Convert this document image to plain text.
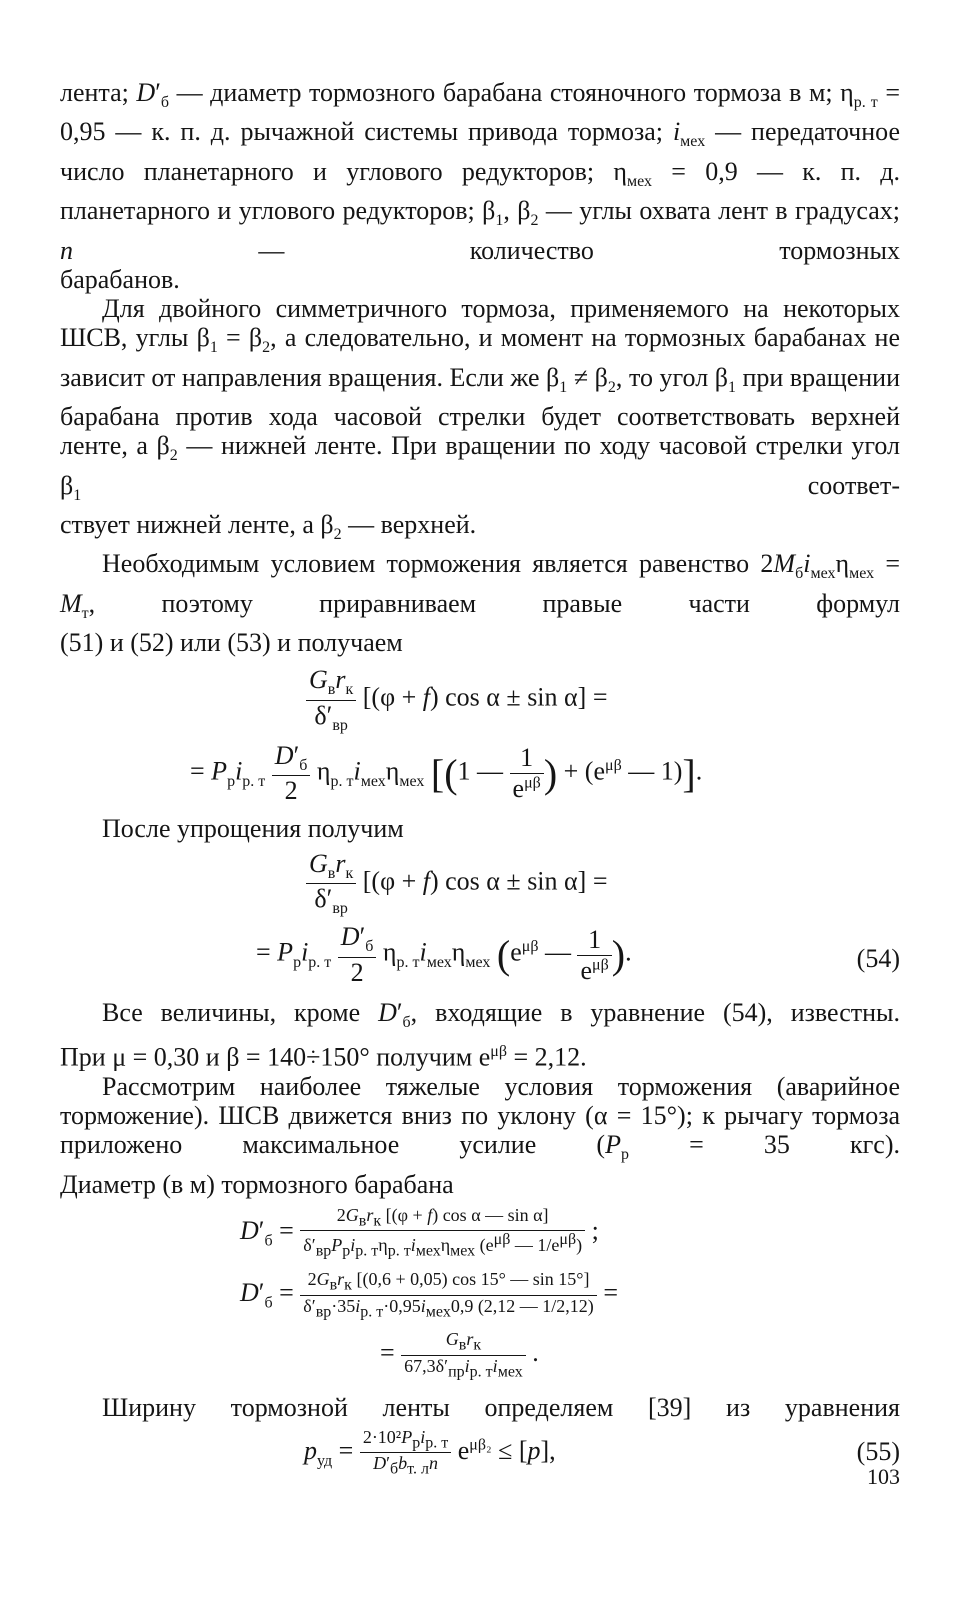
лента; $D'_б$ — диаметр тормозного барабана стояночного тормоза в м; $\eta_{р. т} = 0,95$ — к. п. д. рычажной системы привода тормоза; $i_{мех}$ — передаточное число планетарного и углового редукторов; $\eta_{мех} = 0,9$ — к. п. д. планетарного и углового редукторов; $\beta_1$, $\beta_2$ — углы охвата лент в градусах; n — количество тормозных

барабанов.

Для двойного симметричного тормоза, применяемого на некоторых ШСВ, углы $\beta_1 = \beta_2$, а следовательно, и момент на тормозных барабанах не зависит от направления вращения. Если же $\beta_1 \ne \beta_2$, то угол $\beta_1$ при вращении барабана против хода часовой стрелки будет соответствовать верхней ленте, а $\beta_2$ — нижней ленте. При вращении по ходу часовой стрелки угол $\beta_1$ соответ-

ствует нижней ленте, а $\beta_2$ — верхней.

Необходимым условием торможения является равенство $2M_бi_{мех}\eta_{мех} = M_т$, поэтому приравниваем правые части формул

(51) и (52) или (53) и получаем

$\frac{G_вr_к}{\delta'_{вр}} [(\varphi + f)$ cos α ± sin α] =
= $P_рi_{р. т} \frac{D'_б}{2} \eta_{р. т}i_{мех}\eta_{мех}$ [(1 — $\frac{1}{e^{\mu\beta}}$ ) + ($e^{\mu\beta}$ — 1)].

После упрощения получим

$\frac{G_вr_к}{\delta'_{вр}} [(\varphi + f)$ cos α ± sin α] =
= $P_рi_{р. т} \frac{D'_б}{2} \eta_{р. т}i_{мех}\eta_{мех}$ ($e^{\mu\beta}$ — $\frac{1}{e^{\mu\beta}}$ ).	(54)

Все величины, кроме $D'_б$, входящие в уравнение (54), известны.

При μ = 0,30 и β = 140÷150° получим $e^{\mu\beta} = 2,12$.

Рассмотрим наиболее тяжелые условия торможения (аварийное торможение). ШСВ движется вниз по уклону (α = 15°); к рычагу тормоза приложено максимальное усилие ($P_р = 35$ кгс).

Диаметр (в м) тормозного барабана

$D'_б = \frac{2G_вr_к [(\varphi + f) \cos \alpha — \sin \alpha]}{\delta'_{вр}P_рi_{р. т}\eta_{р. т}i_{мех}\eta_{мех} (e^{\mu\beta} — 1/e^{\mu\beta})}$ ;
$D'_б = \frac{2G_вr_к [(0,6 + 0,05) \cos 15^\circ — \sin 15^\circ]}{\delta'_{вр}\cdot 35i_{р. т}\cdot 0,95i_{мех}0,9 (2,12 — 1/2,12)}$ =
= $\frac{G_вr_к}{67,3\delta'_{пр}i_{р. т}i_{мех}}$ .

Ширину тормозной ленты определяем [39] из уравнения

$p_{уд} = \frac{2\cdot 10^2P_рi_{р. т}}{D'_бb_{т. л}n} e^{\mu\beta_2} \le [p]$,	(55)
103
